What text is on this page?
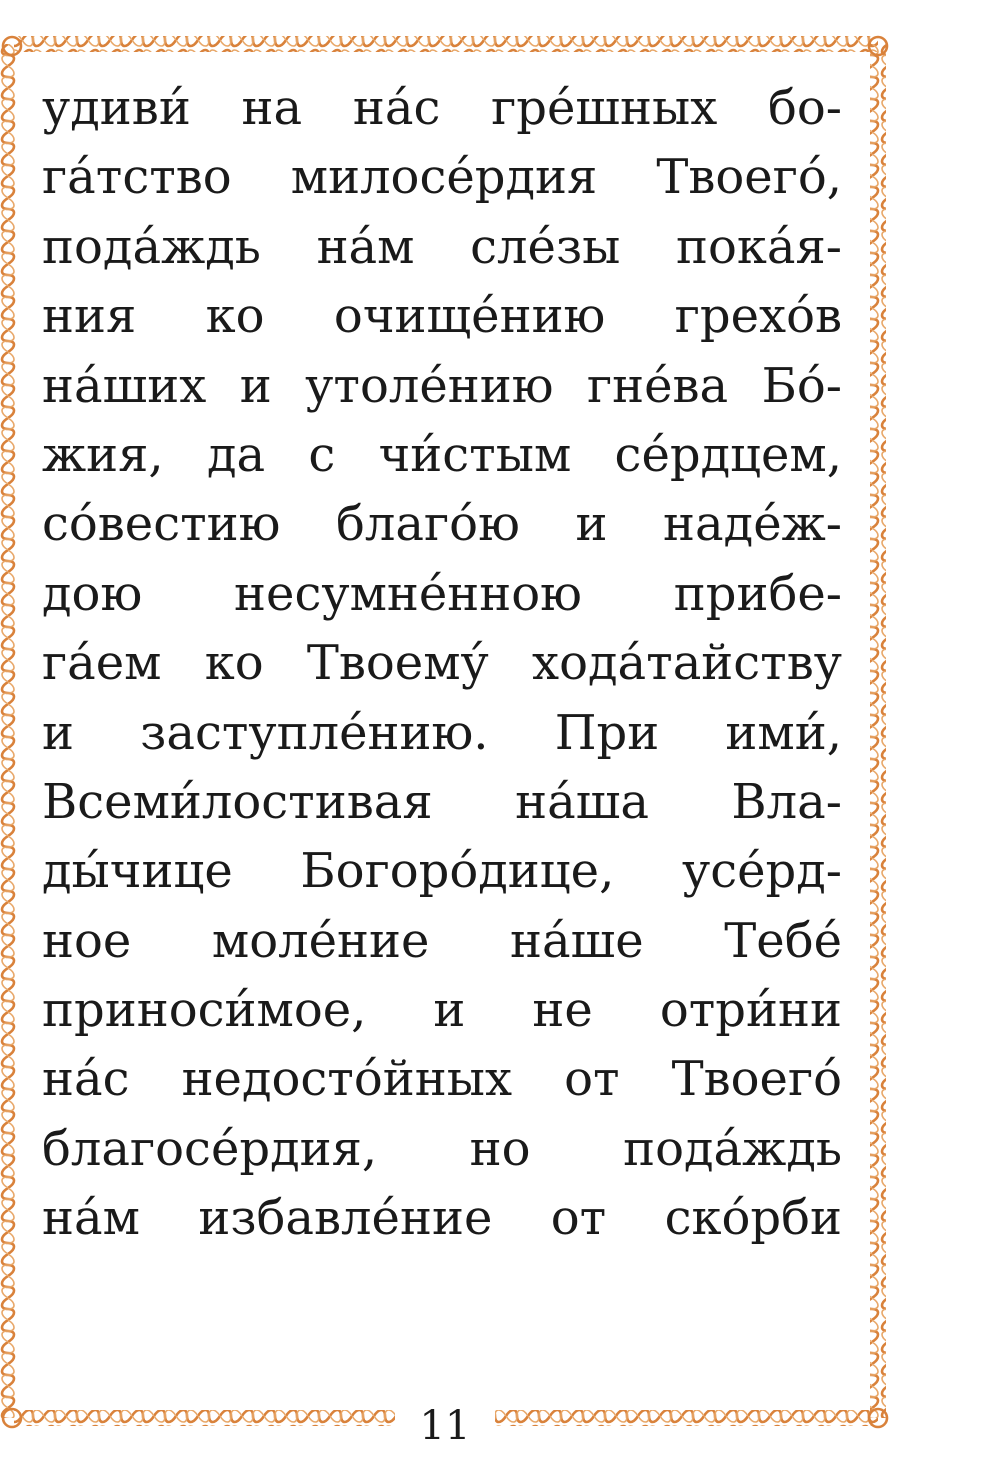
удиви́ на на́с гре́шных бо-
га́тство милосе́рдия Твоего́,
пода́ждь на́м сле́зы пока́я-
ния ко очище́нию грехо́в
на́ших и утоле́нию гне́ва Бо́-
жия, да с чи́стым се́рдцем,
со́вестию благо́ю и наде́ж-
дою несумне́нною прибе-
га́ем ко Твоему́ хода́тайству
и заступле́нию. При ими́,
Всеми́лостивая на́ша Вла-
ды́чице Богоро́дице, усе́рд-
ное моле́ние на́ше Тебе́
приноси́мое, и не отри́ни
на́с недосто́йных от Твоего́
благосе́рдия, но пода́ждь
на́м избавле́ние от ско́рби
11
